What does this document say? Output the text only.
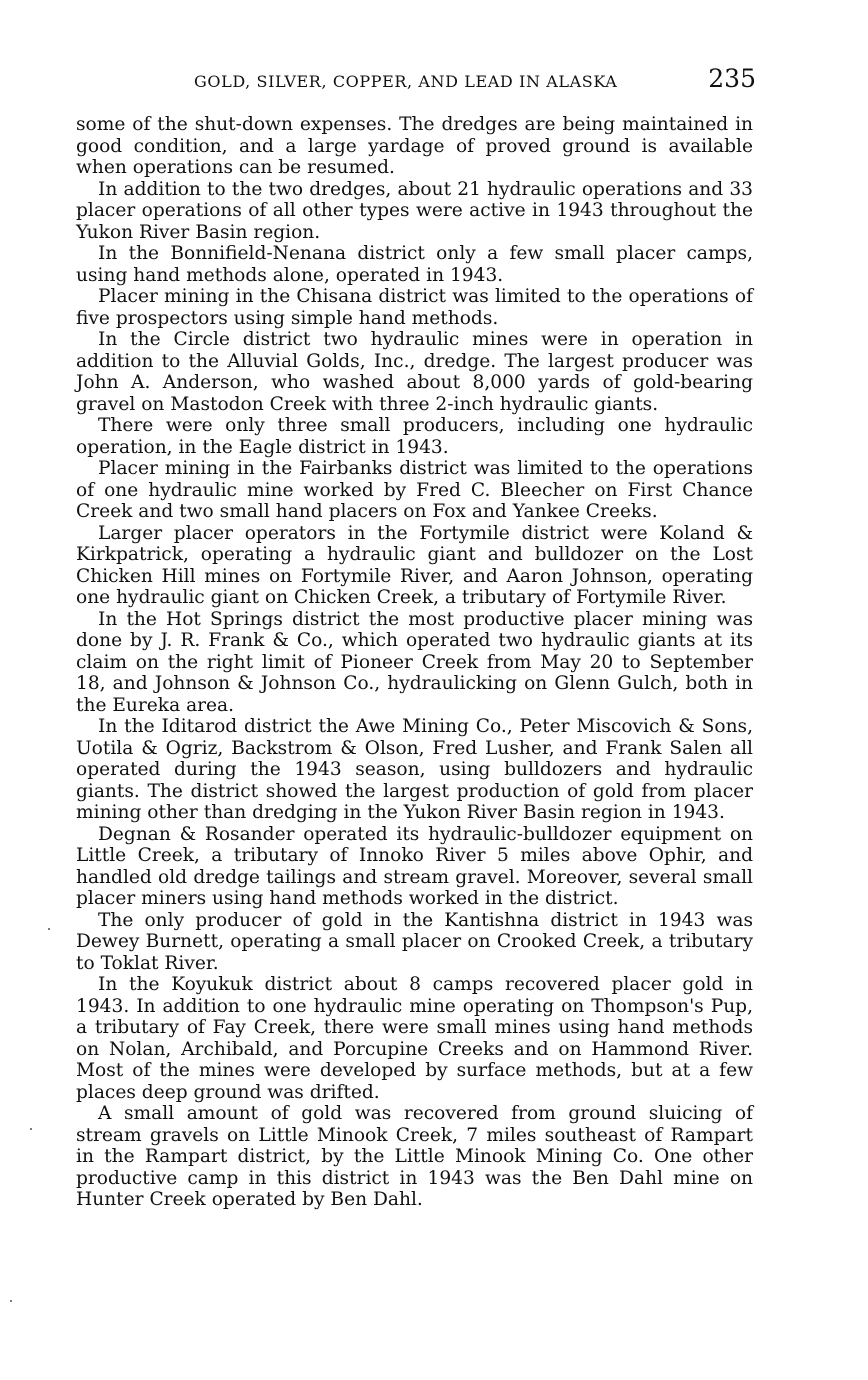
GOLD, SILVER, COPPER, AND LEAD IN ALASKA	235

some of the shut-down expenses. The dredges are being maintained in good condition, and a large yardage of proved ground is available when operations can be resumed.

In addition to the two dredges, about 21 hydraulic operations and 33 placer operations of all other types were active in 1943 throughout the Yukon River Basin region.

In the Bonnifield-Nenana district only a few small placer camps, using hand methods alone, operated in 1943.

Placer mining in the Chisana district was limited to the operations of five prospectors using simple hand methods.

In the Circle district two hydraulic mines were in operation in addition to the Alluvial Golds, Inc., dredge. The largest producer was John A. Anderson, who washed about 8,000 yards of gold-bearing gravel on Mastodon Creek with three 2-inch hydraulic giants.

There were only three small producers, including one hydraulic operation, in the Eagle district in 1943.

Placer mining in the Fairbanks district was limited to the operations of one hydraulic mine worked by Fred C. Bleecher on First Chance Creek and two small hand placers on Fox and Yankee Creeks.

Larger placer operators in the Fortymile district were Koland & Kirkpatrick, operating a hydraulic giant and bulldozer on the Lost Chicken Hill mines on Fortymile River, and Aaron Johnson, operating one hydraulic giant on Chicken Creek, a tributary of Fortymile River.

In the Hot Springs district the most productive placer mining was done by J. R. Frank & Co., which operated two hydraulic giants at its claim on the right limit of Pioneer Creek from May 20 to September 18, and Johnson & Johnson Co., hydraulicking on Glenn Gulch, both in the Eureka area.

In the Iditarod district the Awe Mining Co., Peter Miscovich & Sons, Uotila & Ogriz, Backstrom & Olson, Fred Lusher, and Frank Salen all operated during the 1943 season, using bulldozers and hydraulic giants. The district showed the largest production of gold from placer mining other than dredging in the Yukon River Basin region in 1943.

Degnan & Rosander operated its hydraulic-bulldozer equipment on Little Creek, a tributary of Innoko River 5 miles above Ophir, and handled old dredge tailings and stream gravel. Moreover, several small placer miners using hand methods worked in the district.

The only producer of gold in the Kantishna district in 1943 was Dewey Burnett, operating a small placer on Crooked Creek, a tributary to Toklat River.

In the Koyukuk district about 8 camps recovered placer gold in 1943. In addition to one hydraulic mine operating on Thompson's Pup, a tributary of Fay Creek, there were small mines using hand methods on Nolan, Archibald, and Porcupine Creeks and on Hammond River. Most of the mines were developed by surface methods, but at a few places deep ground was drifted.

A small amount of gold was recovered from ground sluicing of stream gravels on Little Minook Creek, 7 miles southeast of Rampart in the Rampart district, by the Little Minook Mining Co. One other productive camp in this district in 1943 was the Ben Dahl mine on Hunter Creek operated by Ben Dahl.
